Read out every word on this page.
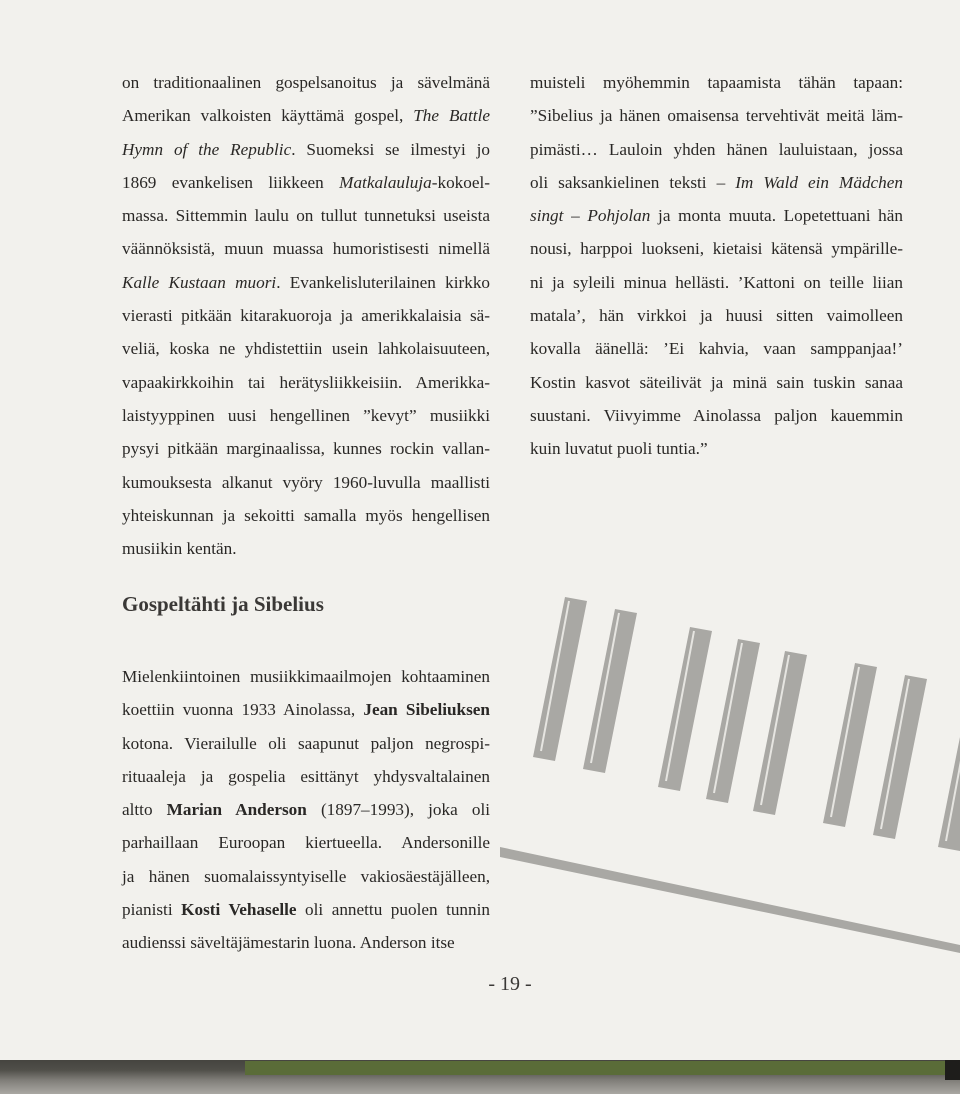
on traditionaalinen gospelsanoitus ja sävelmänä
Amerikan valkoisten käyttämä gospel, The Battle
Hymn of the Republic. Suomeksi se ilmestyi jo
1869 evankelisen liikkeen Matkalauluja-kokoel-
massa. Sittemmin laulu on tullut tunnetuksi useista
väännöksistä, muun muassa humoristisesti nimellä
Kalle Kustaan muori. Evankelisluterilainen kirkko
vierasti pitkään kitarakuoroja ja amerikkalaisia sä-
veliä, koska ne yhdistettiin usein lahkolaisuuteen,
vapaakirkkoihin tai herätysliikkeisiin. Amerikka-
laistyyppinen uusi hengellinen ”kevyt” musiikki
pysyi pitkään marginaalissa, kunnes rockin vallan-
kumouksesta alkanut vyöry 1960-luvulla maallisti
yhteiskunnan ja sekoitti samalla myös hengellisen
musiikin kentän.
Gospeltähti ja Sibelius
Mielenkiintoinen musiikkimaailmojen kohtaaminen
koettiin vuonna 1933 Ainolassa, Jean Sibeliuksen
kotona. Vierailulle oli saapunut paljon negrospi-
rituaaleja ja gospelia esittänyt yhdysvaltalainen
altto Marian Anderson (1897–1993), joka oli
parhaillaan Euroopan kiertueella. Andersonille
ja hänen suomalaissyntyiselle vakiosäestäjälleen,
pianisti Kosti Vehaselle oli annettu puolen tunnin
audienssi säveltäjämestarin luona. Anderson itse
muisteli myöhemmin tapaamista tähän tapaan:
”Sibelius ja hänen omaisensa tervehtivät meitä läm-
pimästi… Lauloin yhden hänen lauluistaan, jossa
oli saksankielinen teksti – Im Wald ein Mädchen
singt – Pohjolan ja monta muuta. Lopetettuani hän
nousi, harppoi luokseni, kietaisi kätensä ympärille-
ni ja syleili minua hellästi. ’Kattoni on teille liian
matala’, hän virkkoi ja huusi sitten vaimolleen
kovalla äänellä: ’Ei kahvia, vaan samppanjaa!’
Kostin kasvot säteilivät ja minä sain tuskin sanaa
suustani. Viivyimme Ainolassa paljon kauemmin
kuin luvatut puoli tuntia.”
- 19 -
